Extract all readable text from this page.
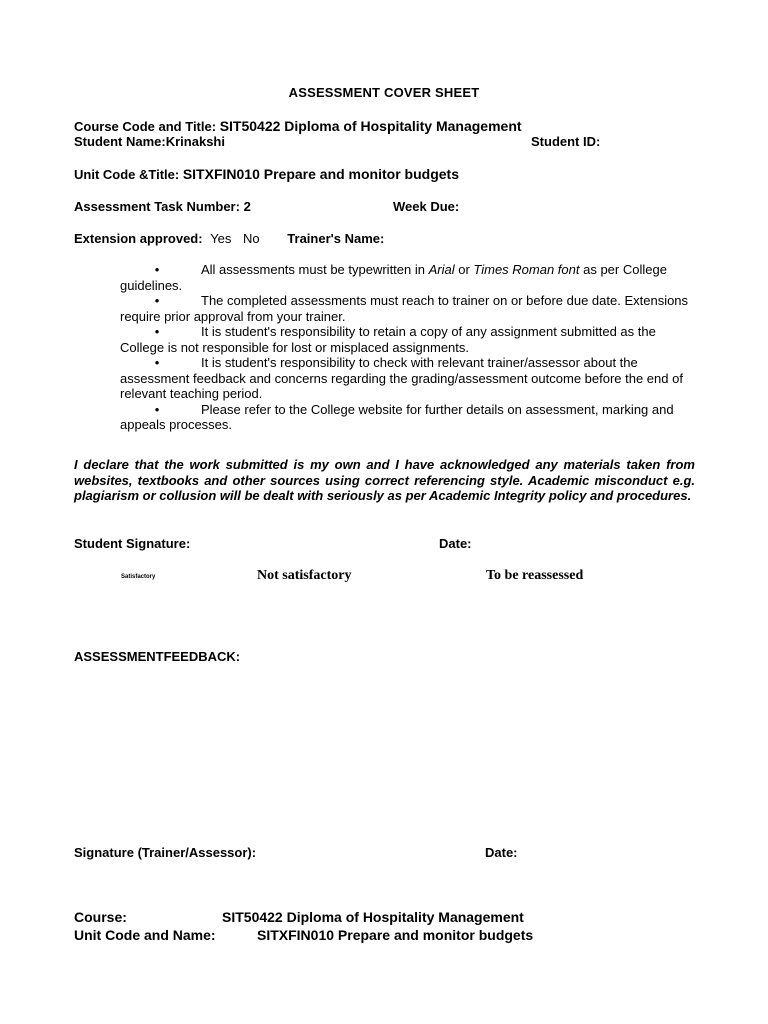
ASSESSMENT COVER SHEET
Course Code and Title: SIT50422 Diploma of Hospitality Management
Student Name:Krinakshi	Student ID:
Unit Code &Title: SITXFIN010 Prepare and monitor budgets
Assessment Task Number: 2	Week Due:
Extension approved: Yes No Trainer's Name:

•	All assessments must be typewritten in Arial or Times Roman font as per College guidelines.

•	The completed assessments must reach to trainer on or before due date. Extensions require prior approval from your trainer.

•	It is student's responsibility to retain a copy of any assignment submitted as the College is not responsible for lost or misplaced assignments.

•	It is student's responsibility to check with relevant trainer/assessor about the assessment feedback and concerns regarding the grading/assessment outcome before the end of relevant teaching period.

•	Please refer to the College website for further details on assessment, marking and appeals processes.

I declare that the work submitted is my own and I have acknowledged any materials taken from websites, textbooks and other sources using correct referencing style. Academic misconduct e.g. plagiarism or collusion will be dealt with seriously as per Academic Integrity policy and procedures.
Student Signature:	Date:
Satisfactory	Not satisfactory	To be reassessed
ASSESSMENTFEEDBACK:
Signature (Trainer/Assessor):	Date:
Course:	SIT50422 Diploma of Hospitality Management
Unit Code and Name:	SITXFIN010 Prepare and monitor budgets
